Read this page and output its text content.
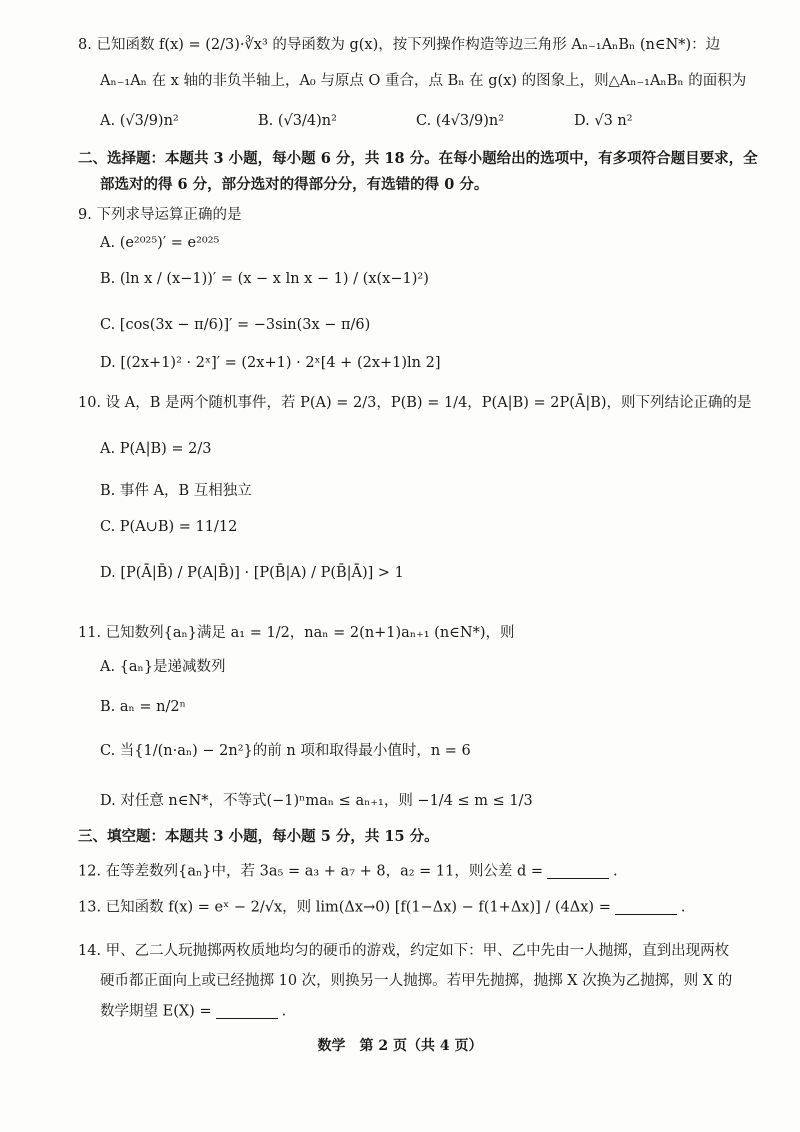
8. 已知函数 f(x) = (2/3)·∛x³ 的导函数为 g(x)，按下列操作构造等边三角形 Aₙ₋₁AₙBₙ (n∈N*)：边
Aₙ₋₁Aₙ 在 x 轴的非负半轴上，A₀ 与原点 O 重合，点 Bₙ 在 g(x) 的图象上，则△Aₙ₋₁AₙBₙ 的面积为
A. (√3/9)n²	B. (√3/4)n²	C. (4√3/9)n²	D. √3 n²
二、选择题：本题共 3 小题，每小题 6 分，共 18 分。在每小题给出的选项中，有多项符合题目要求，全
部选对的得 6 分，部分选对的得部分分，有选错的得 0 分。
9. 下列求导运算正确的是
A. (e²⁰²⁵)′ = e²⁰²⁵
B. (ln x / (x−1))′ = (x − x ln x − 1) / (x(x−1)²)
C. [cos(3x − π/6)]′ = −3sin(3x − π/6)
D. [(2x+1)² · 2ˣ]′ = (2x+1) · 2ˣ[4 + (2x+1)ln 2]
10. 设 A，B 是两个随机事件，若 P(A) = 2/3，P(B) = 1/4，P(A|B) = 2P(Ā|B)，则下列结论正确的是
A. P(A|B) = 2/3
B. 事件 A，B 互相独立
C. P(A∪B) = 11/12
D. [P(Ā|B̄) / P(A|B̄)] · [P(B̄|A) / P(B̄|Ā)] > 1
11. 已知数列{aₙ}满足 a₁ = 1/2，naₙ = 2(n+1)aₙ₊₁ (n∈N*)，则
A. {aₙ}是递减数列
B. aₙ = n/2ⁿ
C. 当{1/(n·aₙ) − 2n²}的前 n 项和取得最小值时，n = 6
D. 对任意 n∈N*，不等式(−1)ⁿmaₙ ≤ aₙ₊₁，则 −1/4 ≤ m ≤ 1/3
三、填空题：本题共 3 小题，每小题 5 分，共 15 分。
12. 在等差数列{aₙ}中，若 3a₅ = a₃ + a₇ + 8，a₂ = 11，则公差 d =	.
13. 已知函数 f(x) = eˣ − 2/√x，则 lim(Δx→0) [f(1−Δx) − f(1+Δx)] / (4Δx) =	.
14. 甲、乙二人玩抛掷两枚质地均匀的硬币的游戏，约定如下：甲、乙中先由一人抛掷，直到出现两枚
硬币都正面向上或已经抛掷 10 次，则换另一人抛掷。若甲先抛掷，抛掷 X 次换为乙抛掷，则 X 的
数学期望 E(X) =	.
数学　第 2 页（共 4 页）
